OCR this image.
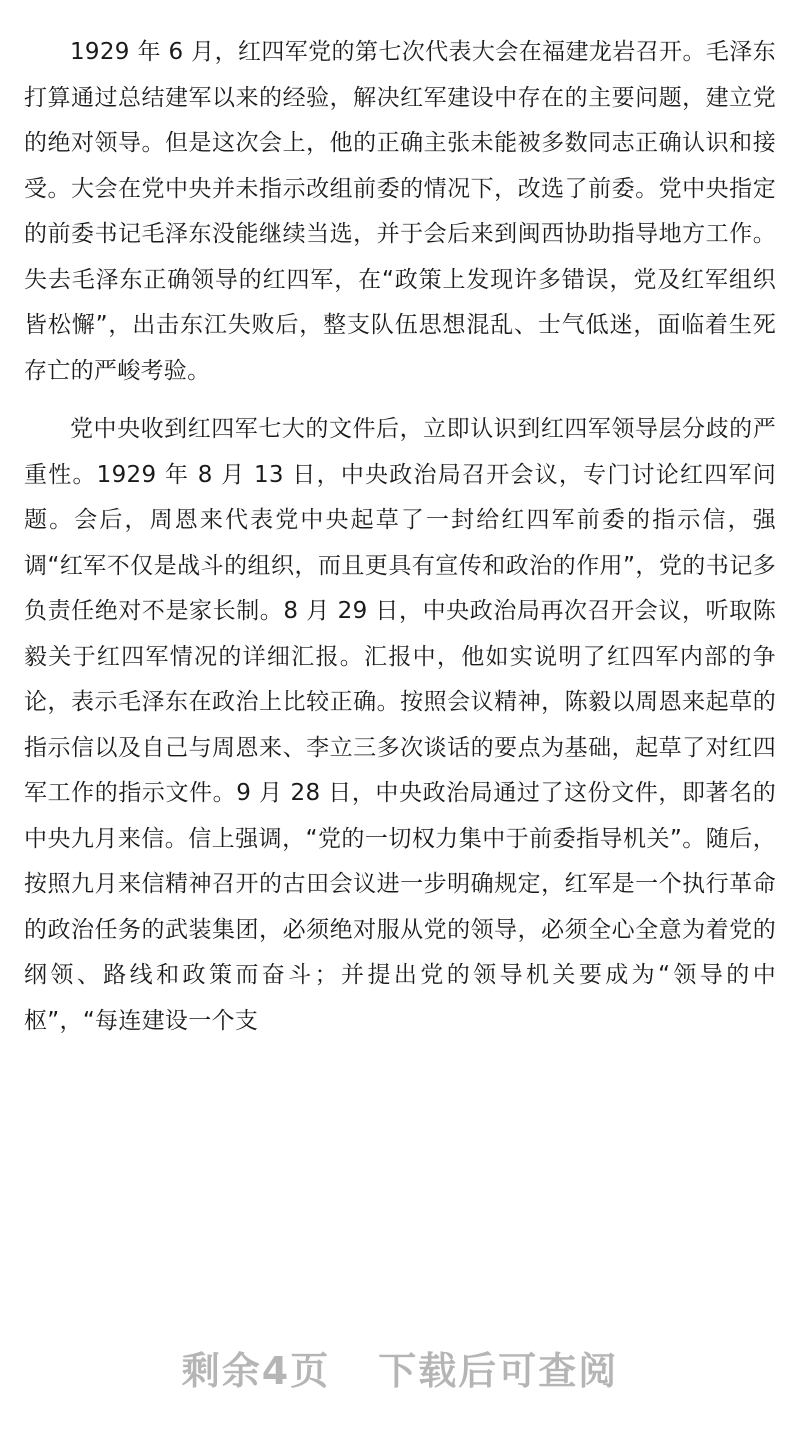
1929 年 6 月，红四军党的第七次代表大会在福建龙岩召开。毛泽东打算通过总结建军以来的经验，解决红军建设中存在的主要问题，建立党的绝对领导。但是这次会上，他的正确主张未能被多数同志正确认识和接受。大会在党中央并未指示改组前委的情况下，改选了前委。党中央指定的前委书记毛泽东没能继续当选，并于会后来到闽西协助指导地方工作。失去毛泽东正确领导的红四军，在“政策上发现许多错误，党及红军组织皆松懈”，出击东江失败后，整支队伍思想混乱、士气低迷，面临着生死存亡的严峻考验。

党中央收到红四军七大的文件后，立即认识到红四军领导层分歧的严重性。1929 年 8 月 13 日，中央政治局召开会议，专门讨论红四军问题。会后，周恩来代表党中央起草了一封给红四军前委的指示信，强调“红军不仅是战斗的组织，而且更具有宣传和政治的作用”，党的书记多负责任绝对不是家长制。8 月 29 日，中央政治局再次召开会议，听取陈毅关于红四军情况的详细汇报。汇报中，他如实说明了红四军内部的争论，表示毛泽东在政治上比较正确。按照会议精神，陈毅以周恩来起草的指示信以及自己与周恩来、李立三多次谈话的要点为基础，起草了对红四军工作的指示文件。9 月 28 日，中央政治局通过了这份文件，即著名的中央九月来信。信上强调，“党的一切权力集中于前委指导机关”。随后，按照九月来信精神召开的古田会议进一步明确规定，红军是一个执行革命的政治任务的武装集团，必须绝对服从党的领导，必须全心全意为着党的纲领、路线和政策而奋斗；并提出党的领导机关要成为“领导的中枢”，“每连建设一个支

剩余4页 下载后可查阅
